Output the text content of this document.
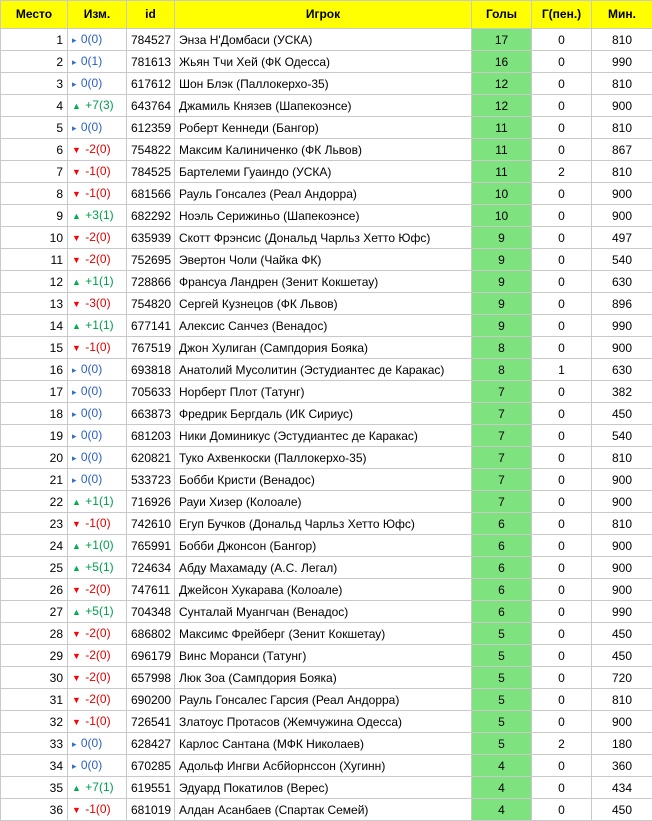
Место	Изм.	id	Игрок	Голы	Г(пен.)	Мин.
1	▸ 0(0)	784527	Энза Н'Домбаси (УСКА)	17	0	810
2	▸ 0(1)	781613	Жьян Тчи Хей (ФК Одесса)	16	0	990
3	▸ 0(0)	617612	Шон Блэк (Паллокерхо-35)	12	0	810
4	▲ +7(3)	643764	Джамиль Князев (Шапекоэнсе)	12	0	900
5	▸ 0(0)	612359	Роберт Кеннеди (Бангор)	11	0	810
6	▼ -2(0)	754822	Максим Калиниченко (ФК Львов)	11	0	867
7	▼ -1(0)	784525	Бартелеми Гуаиндо (УСКА)	11	2	810
8	▼ -1(0)	681566	Рауль Гонсалез (Реал Андорра)	10	0	900
9	▲ +3(1)	682292	Ноэль Серижиньо (Шапекоэнсе)	10	0	900
10	▼ -2(0)	635939	Скотт Фрэнсис (Дональд Чарльз Хетто Юфс)	9	0	497
11	▼ -2(0)	752695	Эвертон Чоли (Чайка ФК)	9	0	540
12	▲ +1(1)	728866	Франсуа Ландрен (Зенит Кокшетау)	9	0	630
13	▼ -3(0)	754820	Сергей Кузнецов (ФК Львов)	9	0	896
14	▲ +1(1)	677141	Алексис Санчез (Венадос)	9	0	990
15	▼ -1(0)	767519	Джон Хулиган (Сампдория Бояка)	8	0	900
16	▸ 0(0)	693818	Анатолий Мусолитин (Эстудиантес де Каракас)	8	1	630
17	▸ 0(0)	705633	Норберт Плот (Татунг)	7	0	382
18	▸ 0(0)	663873	Фредрик Бергдаль (ИК Сириус)	7	0	450
19	▸ 0(0)	681203	Ники Доминикус (Эстудиантес де Каракас)	7	0	540
20	▸ 0(0)	620821	Туко Ахвенкоски (Паллокерхо-35)	7	0	810
21	▸ 0(0)	533723	Бобби Кристи (Венадос)	7	0	900
22	▲ +1(1)	716926	Рауи Хизер (Колоале)	7	0	900
23	▼ -1(0)	742610	Егуп Бучков (Дональд Чарльз Хетто Юфс)	6	0	810
24	▲ +1(0)	765991	Бобби Джонсон (Бангор)	6	0	900
25	▲ +5(1)	724634	Абду Махамаду (А.С. Легал)	6	0	900
26	▼ -2(0)	747611	Джейсон Хукарава (Колоале)	6	0	900
27	▲ +5(1)	704348	Сунталай Муангчан (Венадос)	6	0	990
28	▼ -2(0)	686802	Максимс Фрейберг (Зенит Кокшетау)	5	0	450
29	▼ -2(0)	696179	Винс Моранси (Татунг)	5	0	450
30	▼ -2(0)	657998	Люк Зоа (Сампдория Бояка)	5	0	720
31	▼ -2(0)	690200	Рауль Гонсалес Гарсия (Реал Андорра)	5	0	810
32	▼ -1(0)	726541	Златоус Протасов (Жемчужина Одесса)	5	0	900
33	▸ 0(0)	628427	Карлос Сантана (МФК Николаев)	5	2	180
34	▸ 0(0)	670285	Адольф Ингви Асбйорнссон (Хугинн)	4	0	360
35	▲ +7(1)	619551	Эдуард Покатилов (Верес)	4	0	434
36	▼ -1(0)	681019	Алдан Асанбаев (Спартак Семей)	4	0	450
